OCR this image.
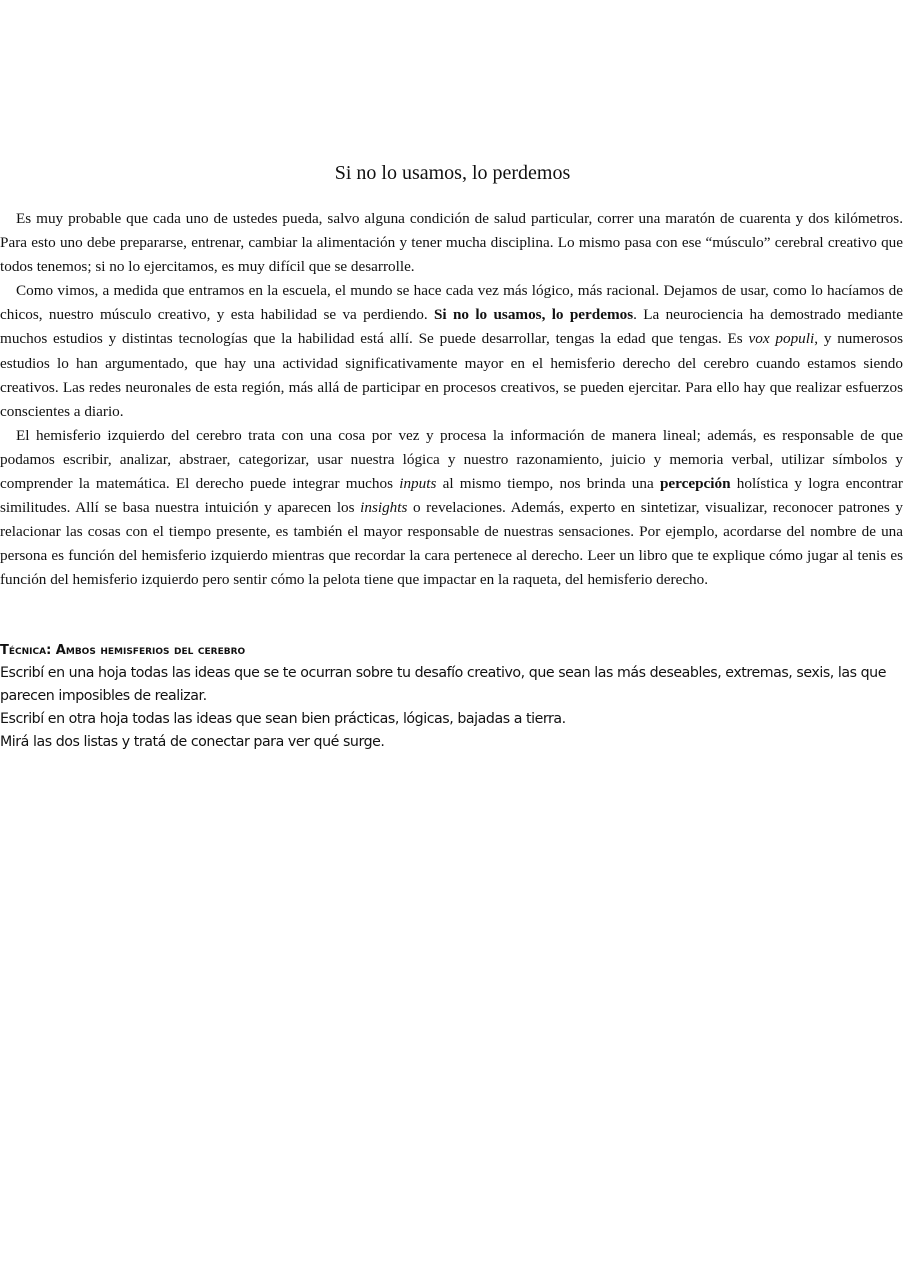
Si no lo usamos, lo perdemos

Es muy probable que cada uno de ustedes pueda, salvo alguna condición de salud particular, correr una maratón de cuarenta y dos kilómetros. Para esto uno debe prepararse, entrenar, cambiar la alimentación y tener mucha disciplina. Lo mismo pasa con ese “músculo” cerebral creativo que todos tenemos; si no lo ejercitamos, es muy difícil que se desarrolle.

Como vimos, a medida que entramos en la escuela, el mundo se hace cada vez más lógico, más racional. Dejamos de usar, como lo hacíamos de chicos, nuestro músculo creativo, y esta habilidad se va perdiendo. Si no lo usamos, lo perdemos. La neurociencia ha demostrado mediante muchos estudios y distintas tecnologías que la habilidad está allí. Se puede desarrollar, tengas la edad que tengas. Es vox populi, y numerosos estudios lo han argumentado, que hay una actividad significativamente mayor en el hemisferio derecho del cerebro cuando estamos siendo creativos. Las redes neuronales de esta región, más allá de participar en procesos creativos, se pueden ejercitar. Para ello hay que realizar esfuerzos conscientes a diario.

El hemisferio izquierdo del cerebro trata con una cosa por vez y procesa la información de manera lineal; además, es responsable de que podamos escribir, analizar, abstraer, categorizar, usar nuestra lógica y nuestro razonamiento, juicio y memoria verbal, utilizar símbolos y comprender la matemática. El derecho puede integrar muchos inputs al mismo tiempo, nos brinda una percepción holística y logra encontrar similitudes. Allí se basa nuestra intuición y aparecen los insights o revelaciones. Además, experto en sintetizar, visualizar, reconocer patrones y relacionar las cosas con el tiempo presente, es también el mayor responsable de nuestras sensaciones. Por ejemplo, acordarse del nombre de una persona es función del hemisferio izquierdo mientras que recordar la cara pertenece al derecho. Leer un libro que te explique cómo jugar al tenis es función del hemisferio izquierdo pero sentir cómo la pelota tiene que impactar en la raqueta, del hemisferio derecho.

Técnica: Ambos hemisferios del cerebro

Escribí en una hoja todas las ideas que se te ocurran sobre tu desafío creativo, que sean las más deseables, extremas, sexis, las que parecen imposibles de realizar.

Escribí en otra hoja todas las ideas que sean bien prácticas, lógicas, bajadas a tierra.

Mirá las dos listas y tratá de conectar para ver qué surge.
